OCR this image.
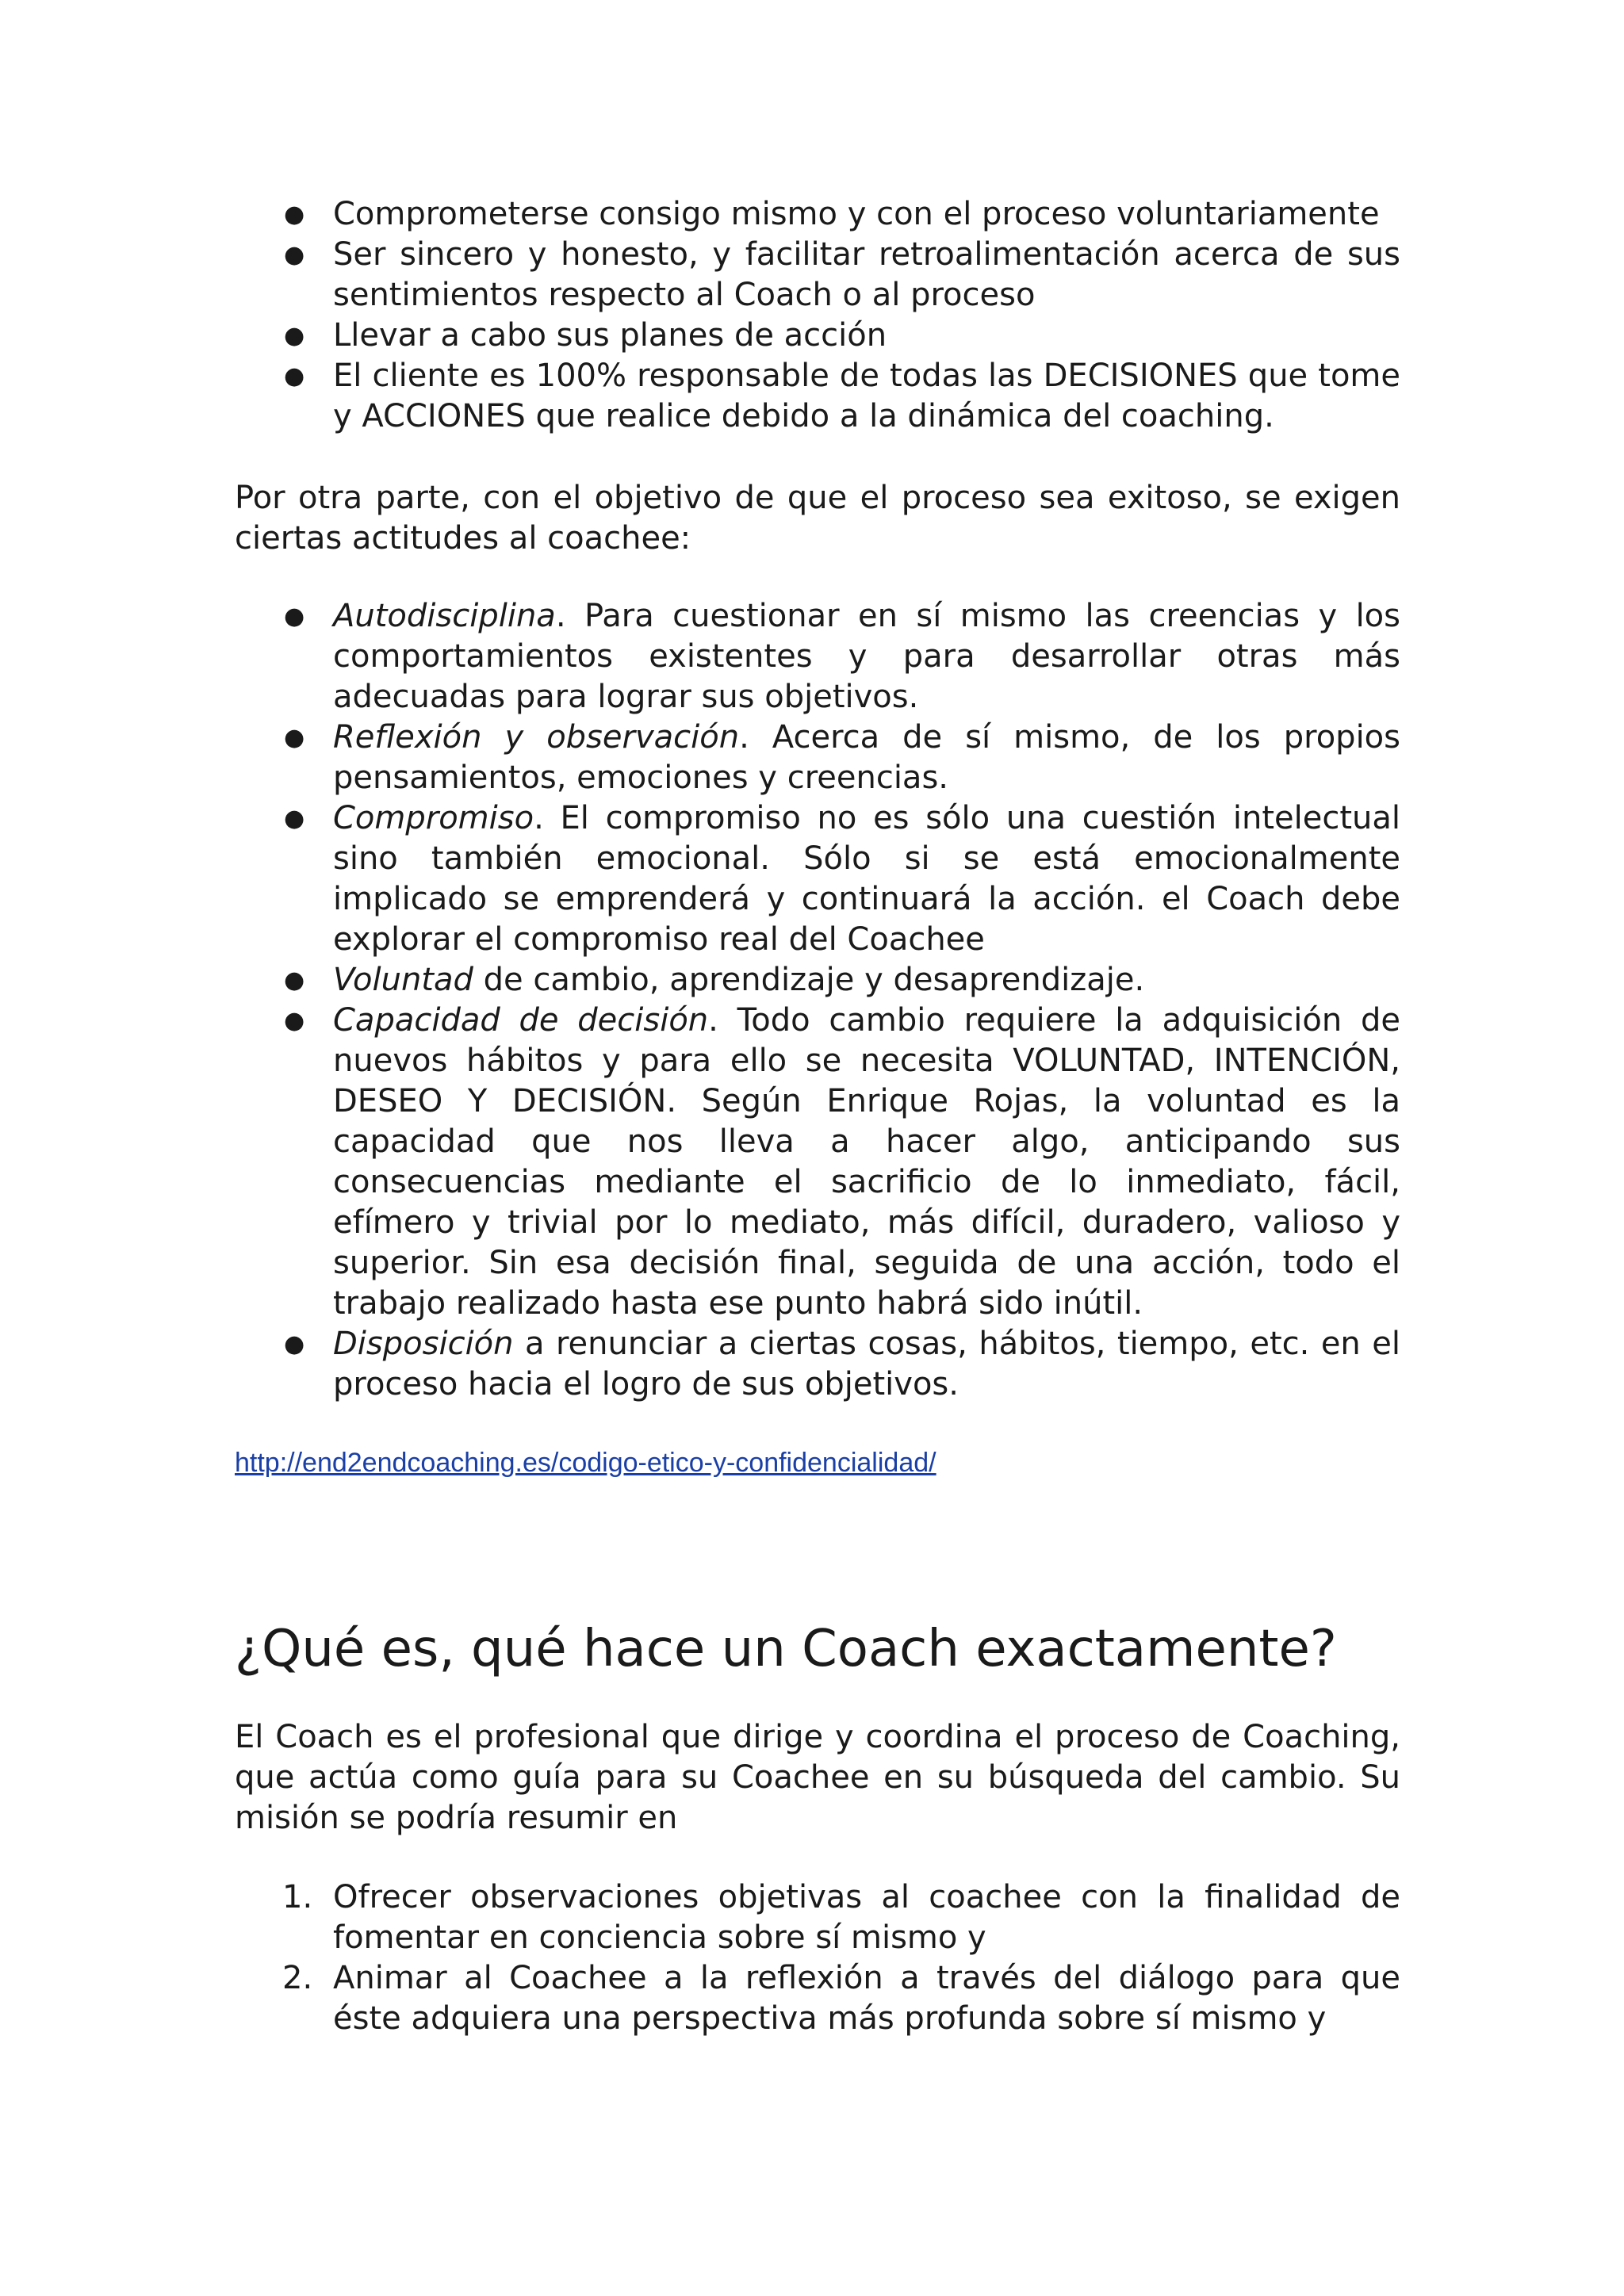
● Comprometerse consigo mismo y con el proceso voluntariamente
● Ser sincero y honesto, y facilitar retroalimentación acerca de sus sentimientos respecto al Coach o al proceso
● Llevar a cabo sus planes de acción
● El cliente es 100% responsable de todas las DECISIONES que tome y ACCIONES que realice debido a la dinámica del coaching.

Por otra parte, con el objetivo de que el proceso sea exitoso, se exigen ciertas actitudes al coachee:

● Autodisciplina. Para cuestionar en sí mismo las creencias y los comportamientos existentes y para desarrollar otras más adecuadas para lograr sus objetivos.
● Reflexión y observación. Acerca de sí mismo, de los propios pensamientos, emociones y creencias.
● Compromiso. El compromiso no es sólo una cuestión intelectual sino también emocional. Sólo si se está emocionalmente implicado se emprenderá y continuará la acción. el Coach debe explorar el compromiso real del Coachee
● Voluntad de cambio, aprendizaje y desaprendizaje.
● Capacidad de decisión. Todo cambio requiere la adquisición de nuevos hábitos y para ello se necesita VOLUNTAD, INTENCIÓN, DESEO Y DECISIÓN. Según Enrique Rojas, la voluntad es la capacidad que nos lleva a hacer algo, anticipando sus consecuencias mediante el sacrificio de lo inmediato, fácil, efímero y trivial por lo mediato, más difícil, duradero, valioso y superior. Sin esa decisión final, seguida de una acción, todo el trabajo realizado hasta ese punto habrá sido inútil.
● Disposición a renunciar a ciertas cosas, hábitos, tiempo, etc. en el proceso hacia el logro de sus objetivos.
http://end2endcoaching.es/codigo-etico-y-confidencialidad/
¿Qué es, qué hace un Coach exactamente?

El Coach es el profesional que dirige y coordina el proceso de Coaching, que actúa como guía para su Coachee en su búsqueda del cambio. Su misión se podría resumir en

1. Ofrecer observaciones objetivas al coachee con la finalidad de fomentar en conciencia sobre sí mismo y
2. Animar al Coachee a la reflexión a través del diálogo para que éste adquiera una perspectiva más profunda sobre sí mismo y
